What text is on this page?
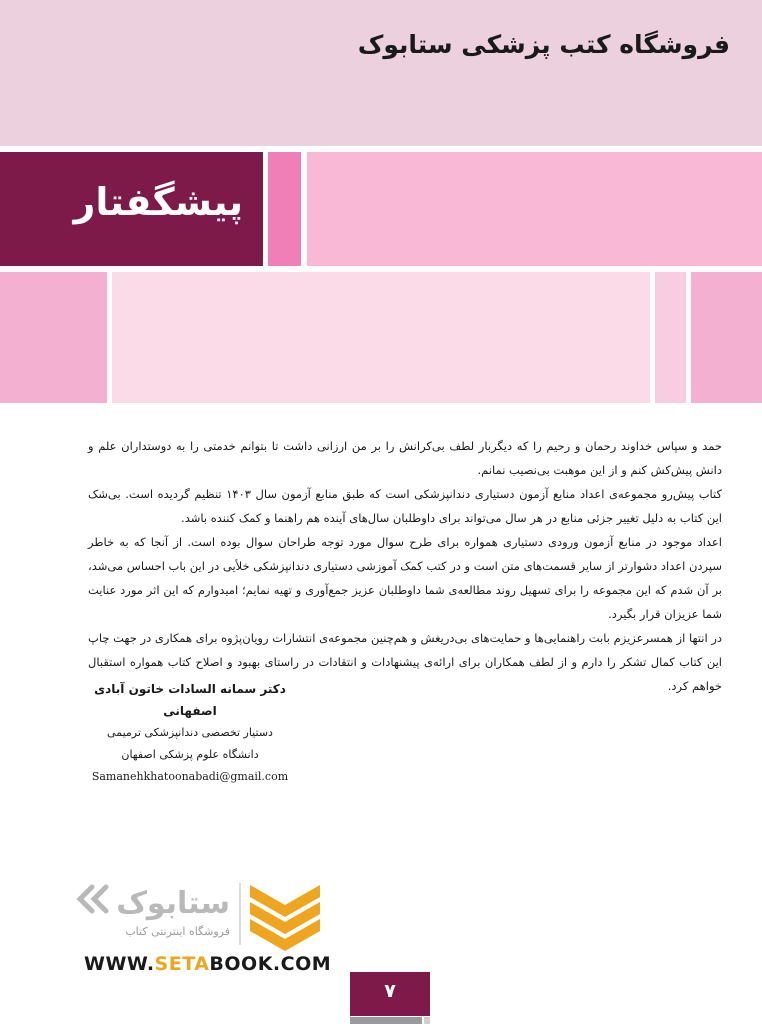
فروشگاه کتب پزشکی ستابوک
پیشگفتار

حمد و سپاس خداوند رحمان و رحیم را که دیگربار لطف بی‌کرانش را بر من ارزانی داشت تا بتوانم خدمتی را به دوستداران علم و دانش پیش‌کش کنم و از این موهبت بی‌نصیب نمانم.

کتاب پیش‌رو مجموعه‌ی اعداد منابع آزمون دستیاری دندانپزشکی است که طبق منابع آزمون سال ۱۴۰۳ تنظیم گردیده است. بی‌شک این کتاب به دلیل تغییر جزئی منابع در هر سال می‌تواند برای داوطلبان سال‌های آینده هم راهنما و کمک کننده باشد.

اعداد موجود در منابع آزمون ورودی دستیاری همواره برای طرح سوال مورد توجه طراحان سوال بوده است. از آنجا که به خاطر سپردن اعداد دشوارتر از سایر قسمت‌های متن است و در کتب کمک آموزشی دستیاری دندانپزشکی خلأیی در این باب احساس می‌شد، بر آن شدم که این مجموعه را برای تسهیل روند مطالعه‌ی شما داوطلبان عزیز جمع‌آوری و تهیه نمایم؛ امیدوارم که این اثر مورد عنایت شما عزیزان قرار بگیرد.

در انتها از همسرعزیزم بابت راهنمایی‌ها و حمایت‌های بی‌دریغش و هم‌چنین مجموعه‌ی انتشارات رویان‌پژوه برای همکاری در جهت چاپ این کتاب کمال تشکر را دارم و از لطف همکاران برای ارائه‌ی پیشنهادات و انتقادات در راستای بهبود و اصلاح کتاب همواره استقبال خواهم کرد.

دکتر سمانه السادات خاتون آبادی اصفهانی
دستیار تخصصی دندانپزشکی ترمیمی
دانشگاه علوم پزشکی اصفهان
Samanehkhatoonabadi@gmail.com
ستابوک
فروشگاه اینترنتی کتاب
WWW.SETABOOK.COM
۷
